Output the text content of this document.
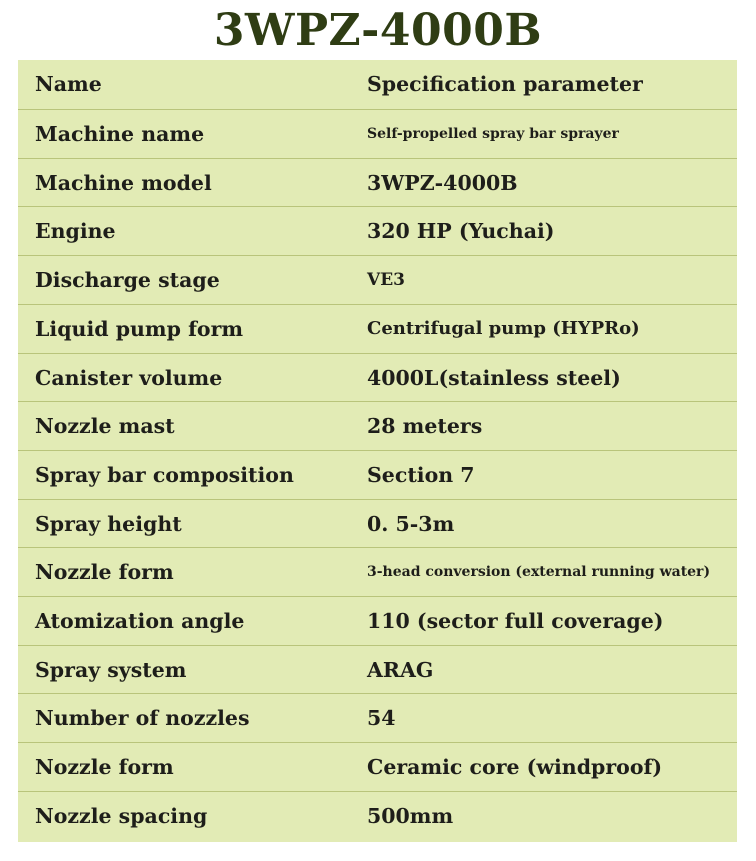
3WPZ-4000B
Name	Specification parameter
Machine name	Self-propelled spray bar sprayer
Machine model	3WPZ-4000B
Engine	320 HP (Yuchai)
Discharge stage	VE3
Liquid pump form	Centrifugal pump (HYPRo)
Canister volume	4000L(stainless steel)
Nozzle mast	28 meters
Spray bar composition	Section 7
Spray height	0. 5-3m
Nozzle form	3-head conversion (external running water)
Atomization angle	110 (sector full coverage)
Spray system	ARAG
Number of nozzles	54
Nozzle form	Ceramic core (windproof)
Nozzle spacing	500mm
